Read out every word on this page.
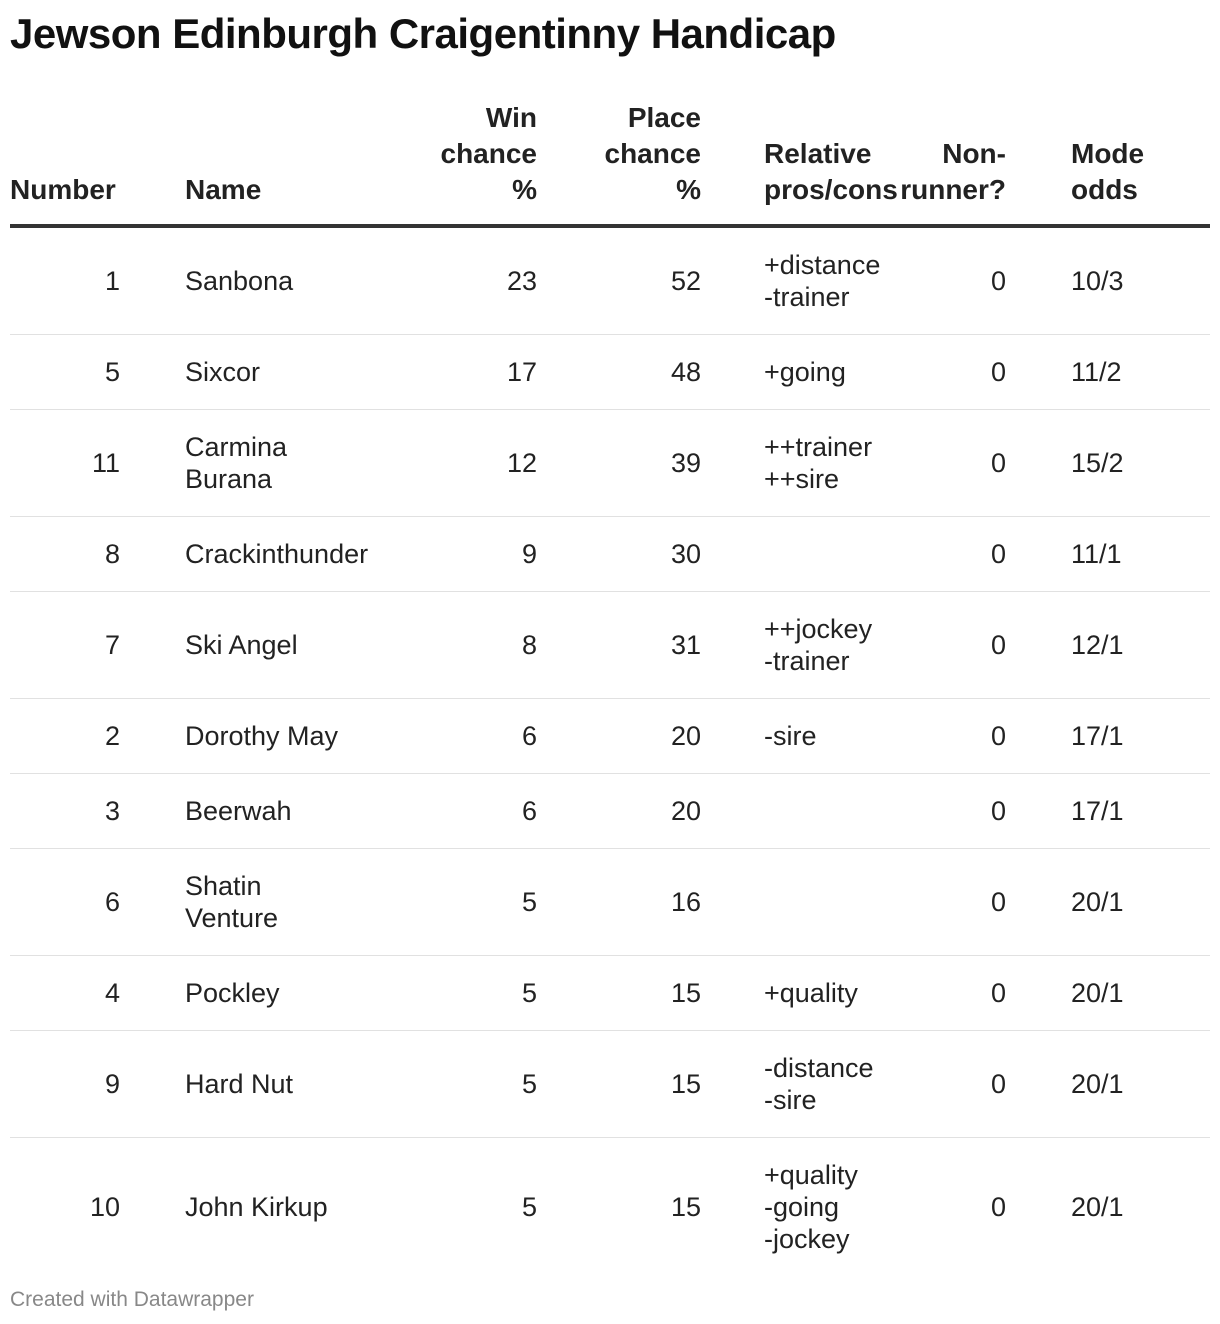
Jewson Edinburgh Craigentinny Handicap
Number	Name	Win
chance
%	Place
chance
%	Relative
pros/cons	Non-
runner?	Mode
odds

1	Sanbona	23	52	+distance
-trainer	0	10/3
5	Sixcor	17	48	+going	0	11/2
11	Carmina
Burana	12	39	++trainer
++sire	0	15/2
8	Crackinthunder	9	30		0	11/1
7	Ski Angel	8	31	++jockey
-trainer	0	12/1
2	Dorothy May	6	20	-sire	0	17/1
3	Beerwah	6	20		0	17/1
6	Shatin Venture	5	16		0	20/1
4	Pockley	5	15	+quality	0	20/1
9	Hard Nut	5	15	-distance
-sire	0	20/1
10	John Kirkup	5	15	+quality
-going
-jockey	0	20/1
Created with Datawrapper
